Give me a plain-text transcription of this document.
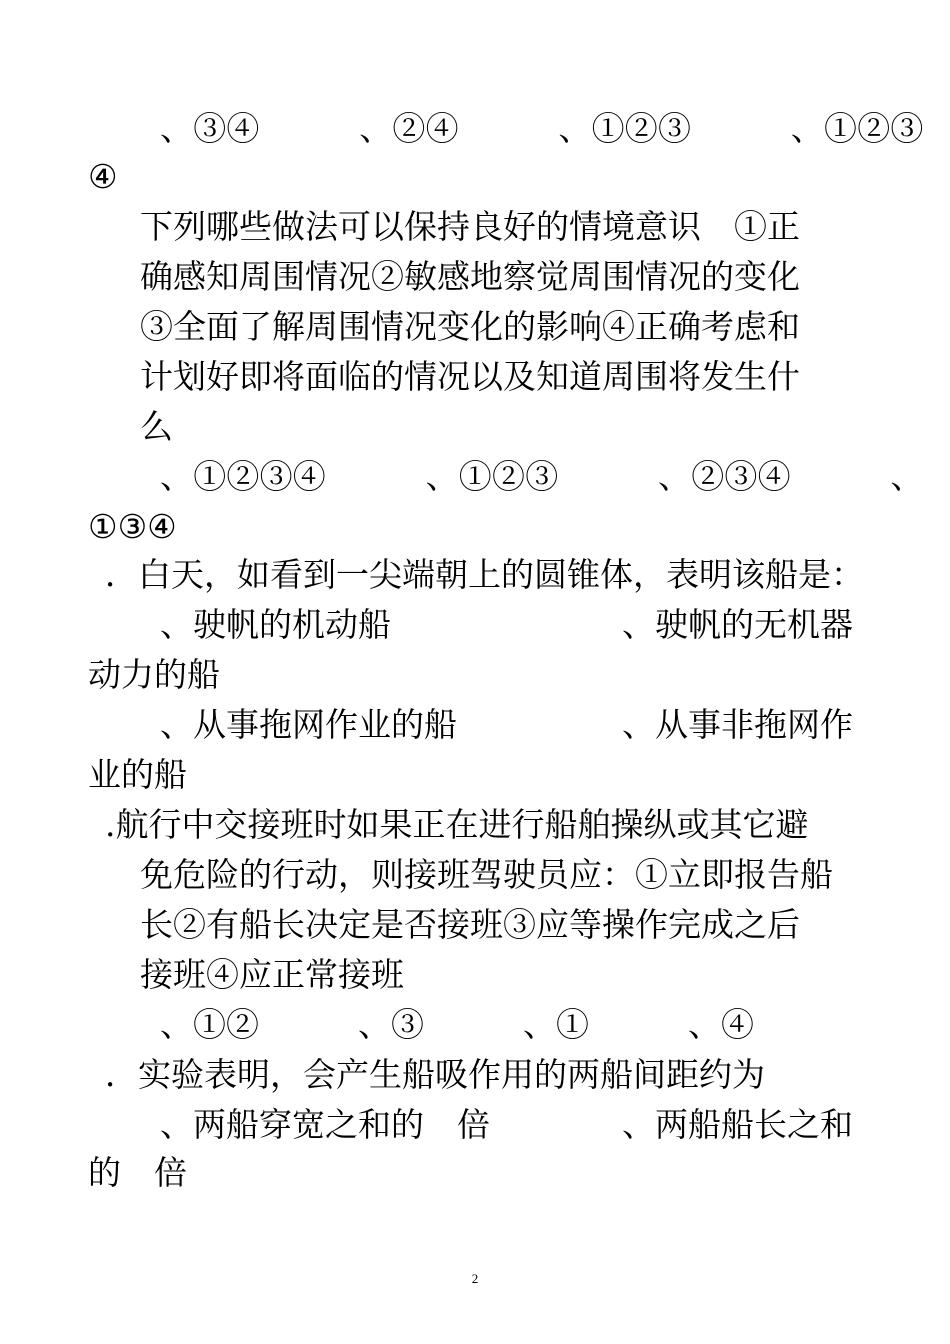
、③④　　　、②④　　　、①②③　　　、①②③
④
下列哪些做法可以保持良好的情境意识　①正
确感知周围情况②敏感地察觉周围情况的变化
③全面了解周围情况变化的影响④正确考虑和
计划好即将面临的情况以及知道周围将发生什
么
、①②③④　　　、①②③　　　、②③④　　　、
①③④
．白天，如看到一尖端朝上的圆锥体，表明该船是：
、驶帆的机动船　　　　　　　、驶帆的无机器
动力的船
、从事拖网作业的船　　　　　、从事非拖网作
业的船
.航行中交接班时如果正在进行船舶操纵或其它避
免危险的行动，则接班驾驶员应：①立即报告船
长②有船长决定是否接班③应等操作完成之后
接班④应正常接班
、①②　　　、③　　　、①　　　、④
．实验表明，会产生船吸作用的两船间距约为
、两船穿宽之和的　倍　　　　、两船船长之和
的　倍
2
